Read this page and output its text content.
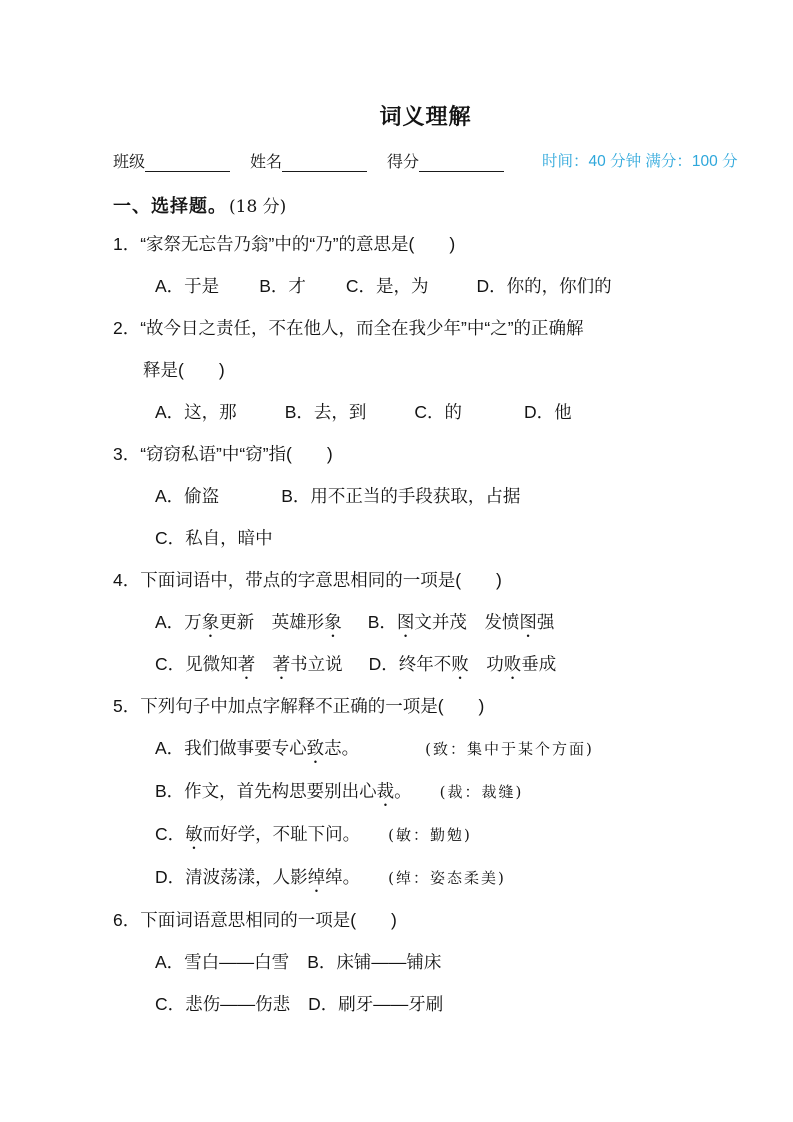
词义理解
班级	姓名	得分	时间：40 分钟 满分：100 分
一、选择题。 (18 分)
1．“家祭无忘告乃翁”中的“乃”的意思是(　　)
A．于是 B．才 C．是，为	D．你的，你们的
2．“故今日之责任，不在他人，而全在我少年”中“之”的正确解
释是(　　)
A．这，那	B．去，到	C．的	D．他
3．“窃窃私语”中“窃”指(　　)
A．偷盗	B．用不正当的手段获取，占据
C．私自，暗中
4．下面词语中，带点的字意思相同的一项是(　　)
A．万象更新　英雄形象 B．图文并茂　发愤图强
C．见微知著　 著书立说 D．终年不败　功败垂成
5．下列句子中加点字解释不正确的一项是(　　)
A．我们做事要专心致志。	(致：集中于某个方面)
B．作文，首先构思要别出心裁。 (裁：裁缝)
C．敏而好学，不耻下问。 (敏：勤勉)
D．清波荡漾，人影绰绰。 (绰：姿态柔美)
6．下面词语意思相同的一项是(　　)
A．雪白——白雪 B．床铺——铺床
C．悲伤——伤悲 D．刷牙——牙刷
